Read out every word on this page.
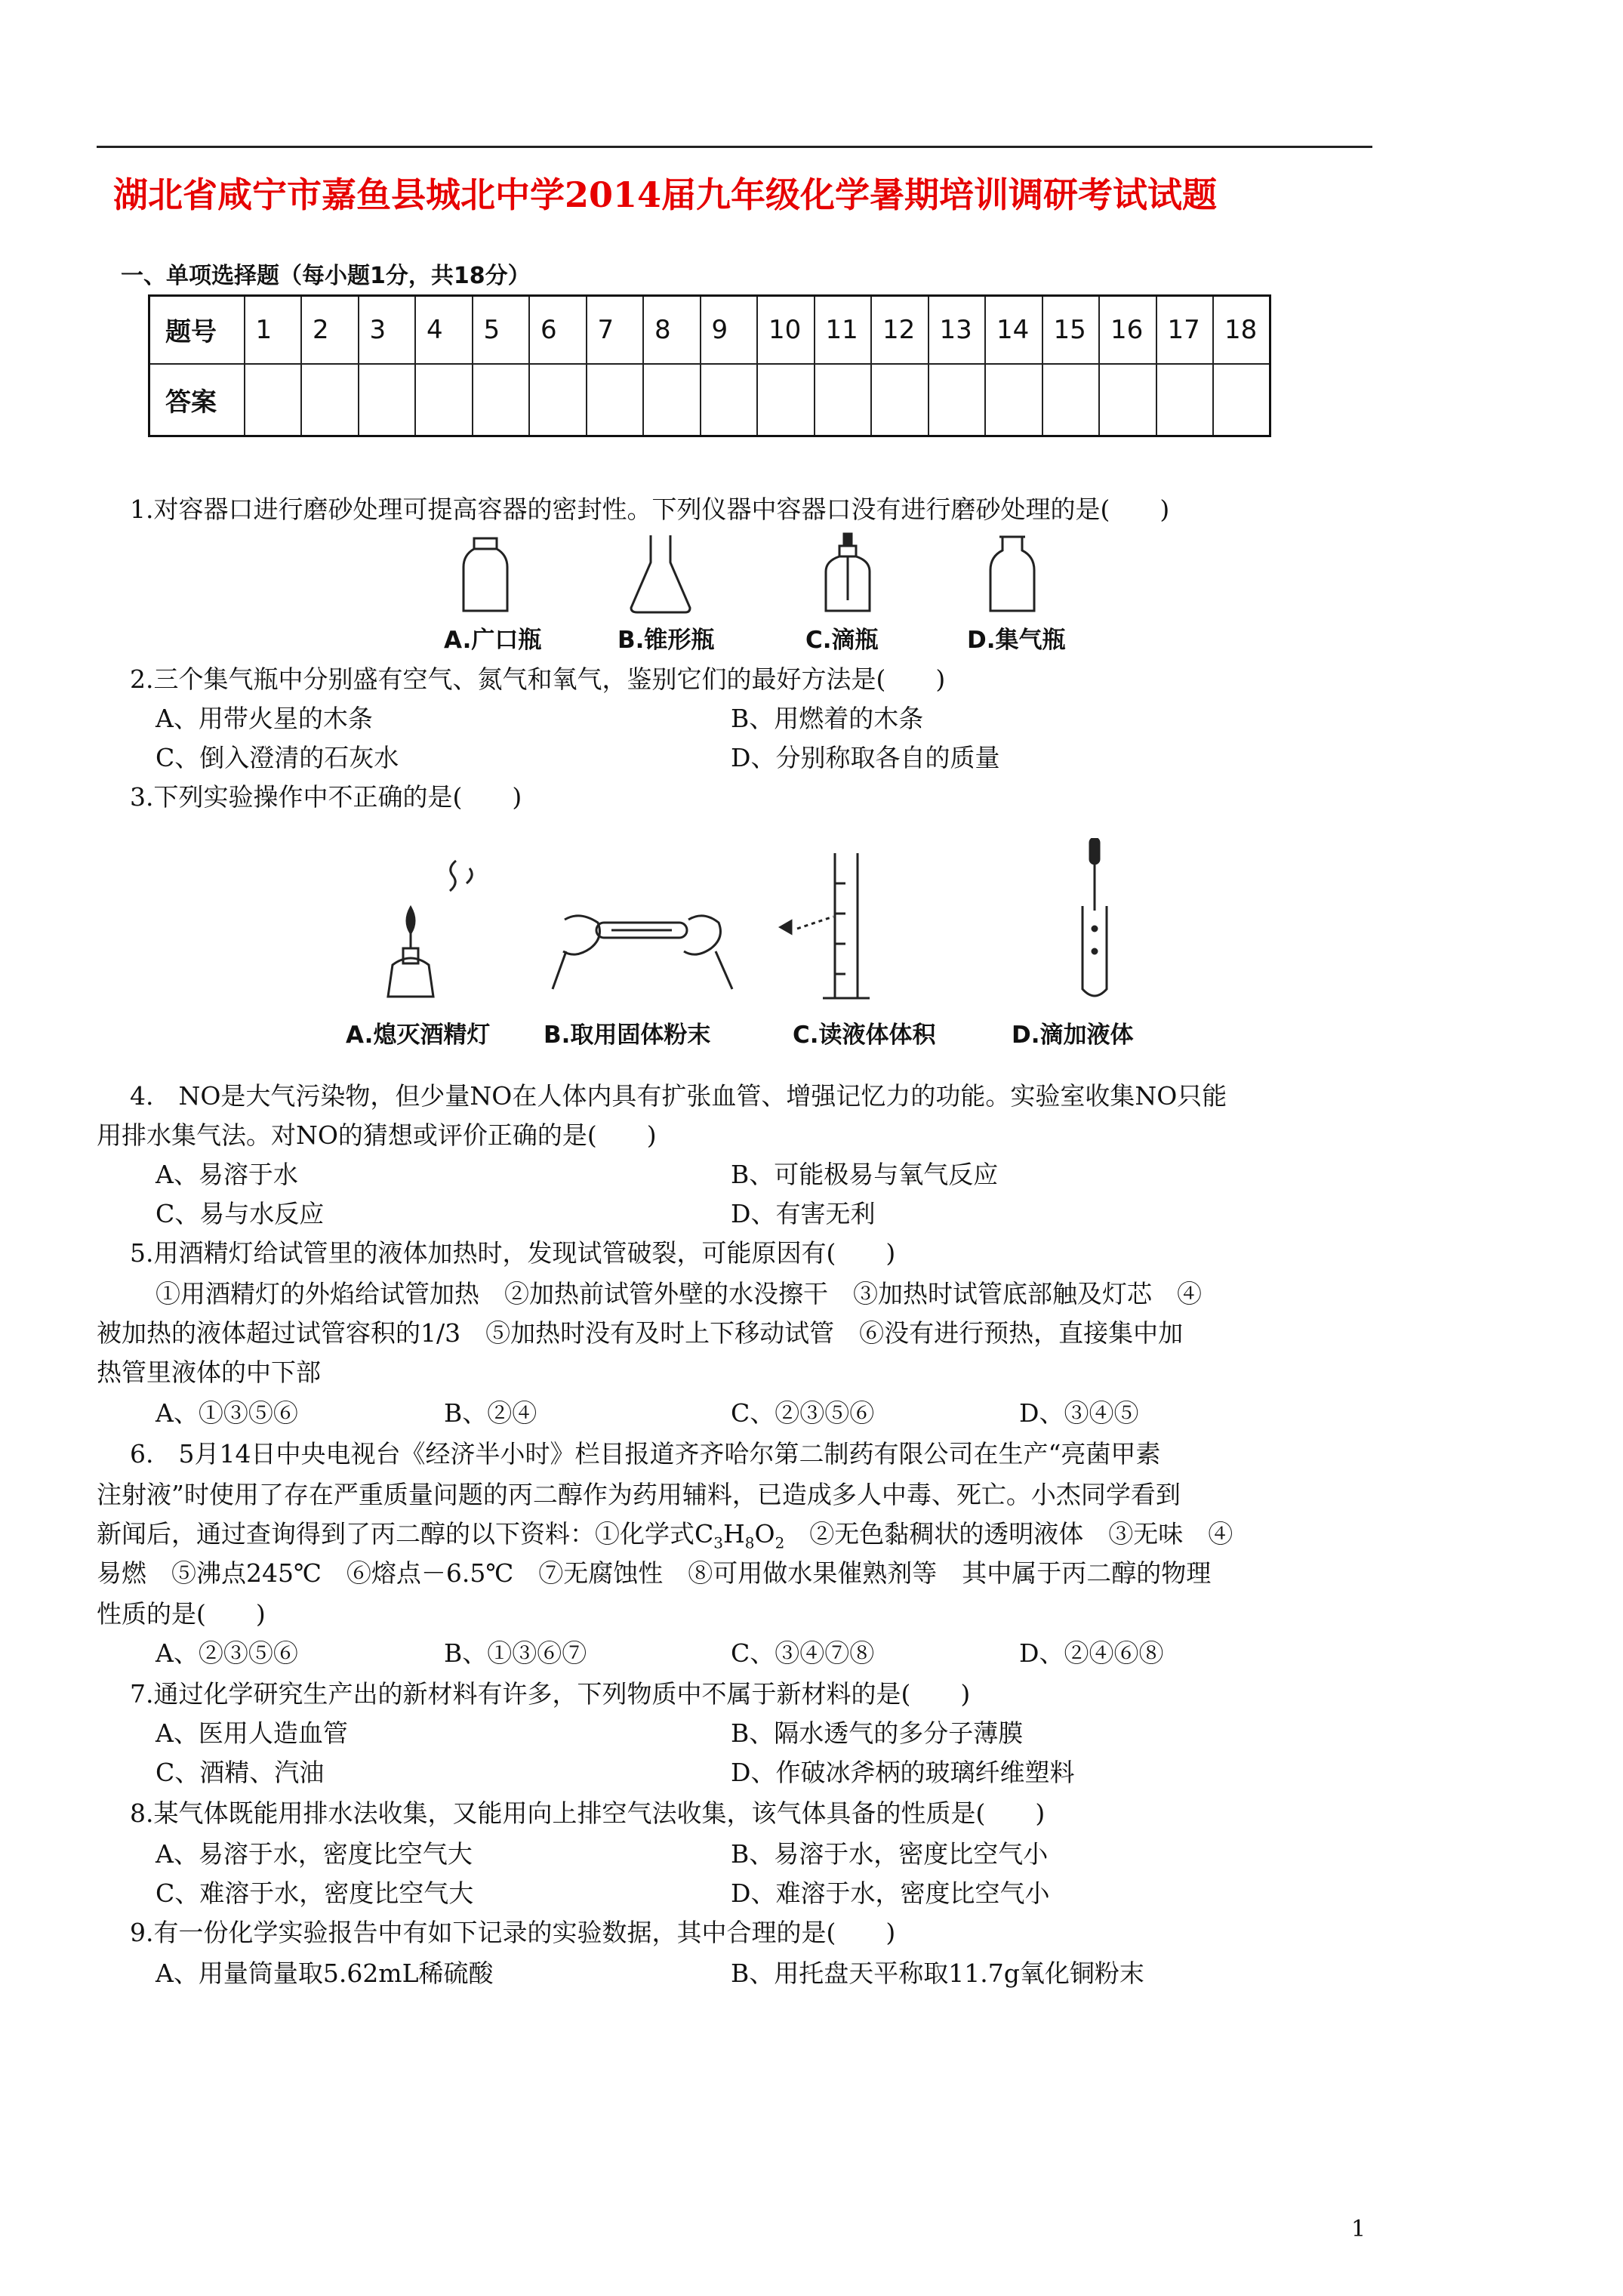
湖北省咸宁市嘉鱼县城北中学2014届九年级化学暑期培训调研考试试题
一、单项选择题（每小题1分，共18分）
题号	1	2	3	4	5	6	7	8	9	10	11	12	13	14	15	16	17	18
答案																		
1.对容器口进行磨砂处理可提高容器的密封性。下列仪器中容器口没有进行磨砂处理的是(　　)
A.广口瓶	B.锥形瓶	C.滴瓶	D.集气瓶
2.三个集气瓶中分别盛有空气、氮气和氧气，鉴别它们的最好方法是(　　)
A、用带火星的木条	B、用燃着的木条
C、倒入澄清的石灰水	D、分别称取各自的质量
3.下列实验操作中不正确的是(　　)
A.熄灭酒精灯 B.取用固体粉末	C.读液体体积	D.滴加液体
4.　NO是大气污染物，但少量NO在人体内具有扩张血管、增强记忆力的功能。实验室收集NO只能
用排水集气法。对NO的猜想或评价正确的是(　　)
A、易溶于水	B、可能极易与氧气反应
C、易与水反应	D、有害无利
5.用酒精灯给试管里的液体加热时，发现试管破裂，可能原因有(　　)
①用酒精灯的外焰给试管加热　②加热前试管外壁的水没擦干　③加热时试管底部触及灯芯　④
被加热的液体超过试管容积的1/3　⑤加热时没有及时上下移动试管　⑥没有进行预热，直接集中加
热管里液体的中下部
A、①③⑤⑥	B、②④	C、②③⑤⑥	D、③④⑤
6.　5月14日中央电视台《经济半小时》栏目报道齐齐哈尔第二制药有限公司在生产“亮菌甲素
注射液”时使用了存在严重质量问题的丙二醇作为药用辅料，已造成多人中毒、死亡。小杰同学看到
新闻后，通过查询得到了丙二醇的以下资料：①化学式$C_3H_8O_2$　②无色黏稠状的透明液体　③无味　④
易燃　⑤沸点245℃　⑥熔点－6.5℃　⑦无腐蚀性　⑧可用做水果催熟剂等　其中属于丙二醇的物理
性质的是(　　)
A、②③⑤⑥	B、①③⑥⑦	C、③④⑦⑧	D、②④⑥⑧
7.通过化学研究生产出的新材料有许多，下列物质中不属于新材料的是(　　)
A、医用人造血管	B、隔水透气的多分子薄膜
C、酒精、汽油	D、作破冰斧柄的玻璃纤维塑料
8.某气体既能用排水法收集，又能用向上排空气法收集，该气体具备的性质是(　　)
A、易溶于水，密度比空气大	B、易溶于水，密度比空气小
C、难溶于水，密度比空气大	D、难溶于水，密度比空气小
9.有一份化学实验报告中有如下记录的实验数据，其中合理的是(　　)
A、用量筒量取5.62mL稀硫酸	B、用托盘天平称取11.7g氧化铜粉末
1
